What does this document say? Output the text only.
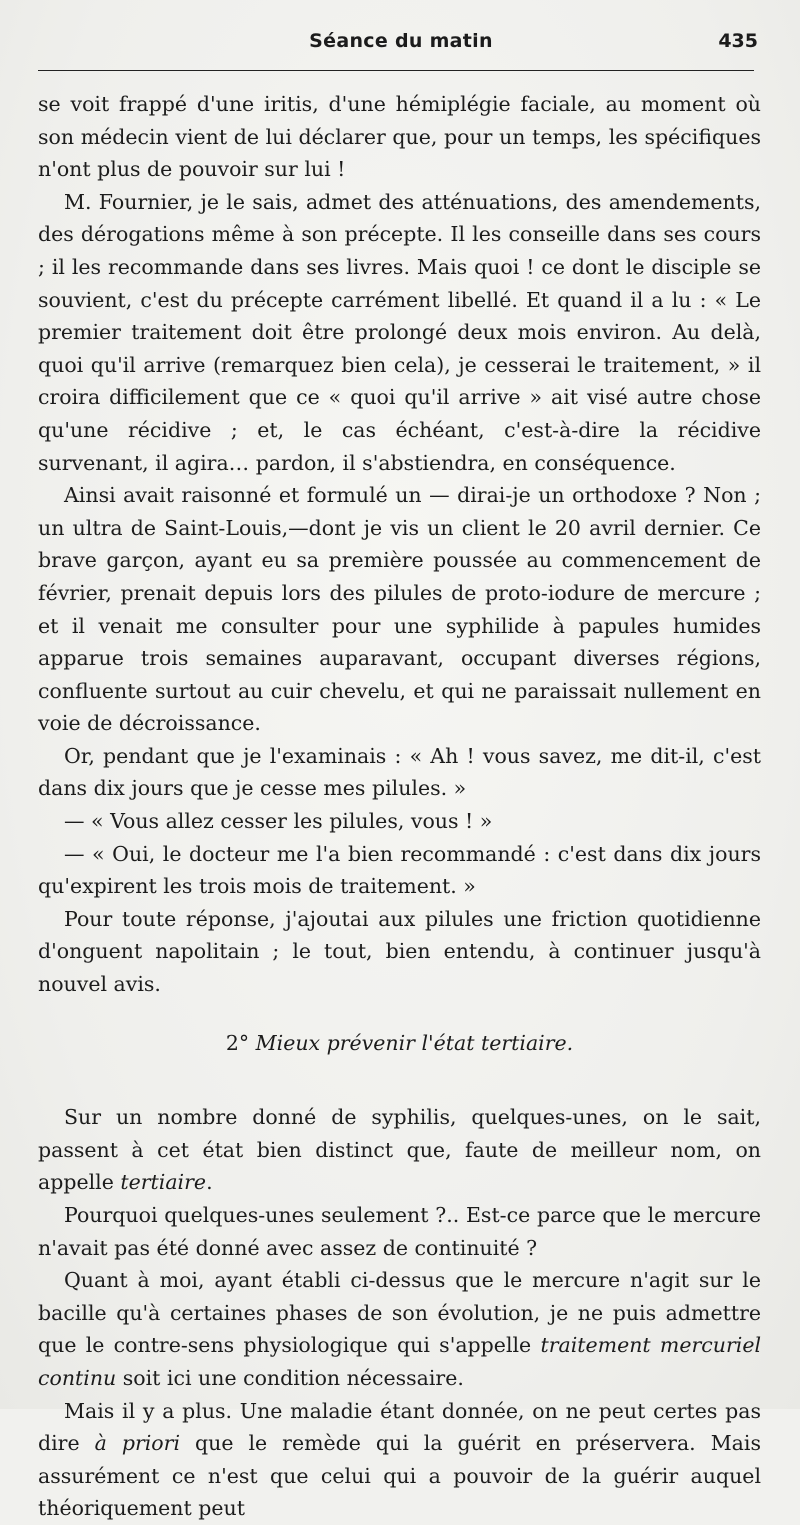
Séance du matin	435

se voit frappé d'une iritis, d'une hémiplégie faciale, au moment où son médecin vient de lui déclarer que, pour un temps, les spécifiques n'ont plus de pouvoir sur lui !

M. Fournier, je le sais, admet des atténuations, des amendements, des dérogations même à son précepte. Il les conseille dans ses cours ; il les recommande dans ses livres. Mais quoi ! ce dont le disciple se souvient, c'est du précepte carrément libellé. Et quand il a lu : « Le premier traitement doit être prolongé deux mois environ. Au delà, quoi qu'il arrive (remarquez bien cela), je cesserai le traitement, » il croira difficilement que ce « quoi qu'il arrive » ait visé autre chose qu'une récidive ; et, le cas échéant, c'est-à-dire la récidive survenant, il agira… pardon, il s'abstiendra, en conséquence.

Ainsi avait raisonné et formulé un — dirai-je un orthodoxe ? Non ; un ultra de Saint-Louis,—dont je vis un client le 20 avril dernier. Ce brave garçon, ayant eu sa première poussée au commencement de février, prenait depuis lors des pilules de proto-iodure de mercure ; et il venait me consulter pour une syphilide à papules humides apparue trois semaines auparavant, occupant diverses régions, confluente surtout au cuir chevelu, et qui ne paraissait nullement en voie de décroissance.

Or, pendant que je l'examinais : « Ah ! vous savez, me dit-il, c'est dans dix jours que je cesse mes pilules. »

— « Vous allez cesser les pilules, vous ! »

— « Oui, le docteur me l'a bien recommandé : c'est dans dix jours qu'expirent les trois mois de traitement. »

Pour toute réponse, j'ajoutai aux pilules une friction quotidienne d'onguent napolitain ; le tout, bien entendu, à continuer jusqu'à nouvel avis.

2° Mieux prévenir l'état tertiaire.

Sur un nombre donné de syphilis, quelques-unes, on le sait, passent à cet état bien distinct que, faute de meilleur nom, on appelle tertiaire.

Pourquoi quelques-unes seulement ?.. Est-ce parce que le mercure n'avait pas été donné avec assez de continuité ?

Quant à moi, ayant établi ci-dessus que le mercure n'agit sur le bacille qu'à certaines phases de son évolution, je ne puis admettre que le contre-sens physiologique qui s'appelle traitement mercuriel continu soit ici une condition nécessaire.

Mais il y a plus. Une maladie étant donnée, on ne peut certes pas dire à priori que le remède qui la guérit en préservera. Mais assurément ce n'est que celui qui a pouvoir de la guérir auquel théoriquement peut
